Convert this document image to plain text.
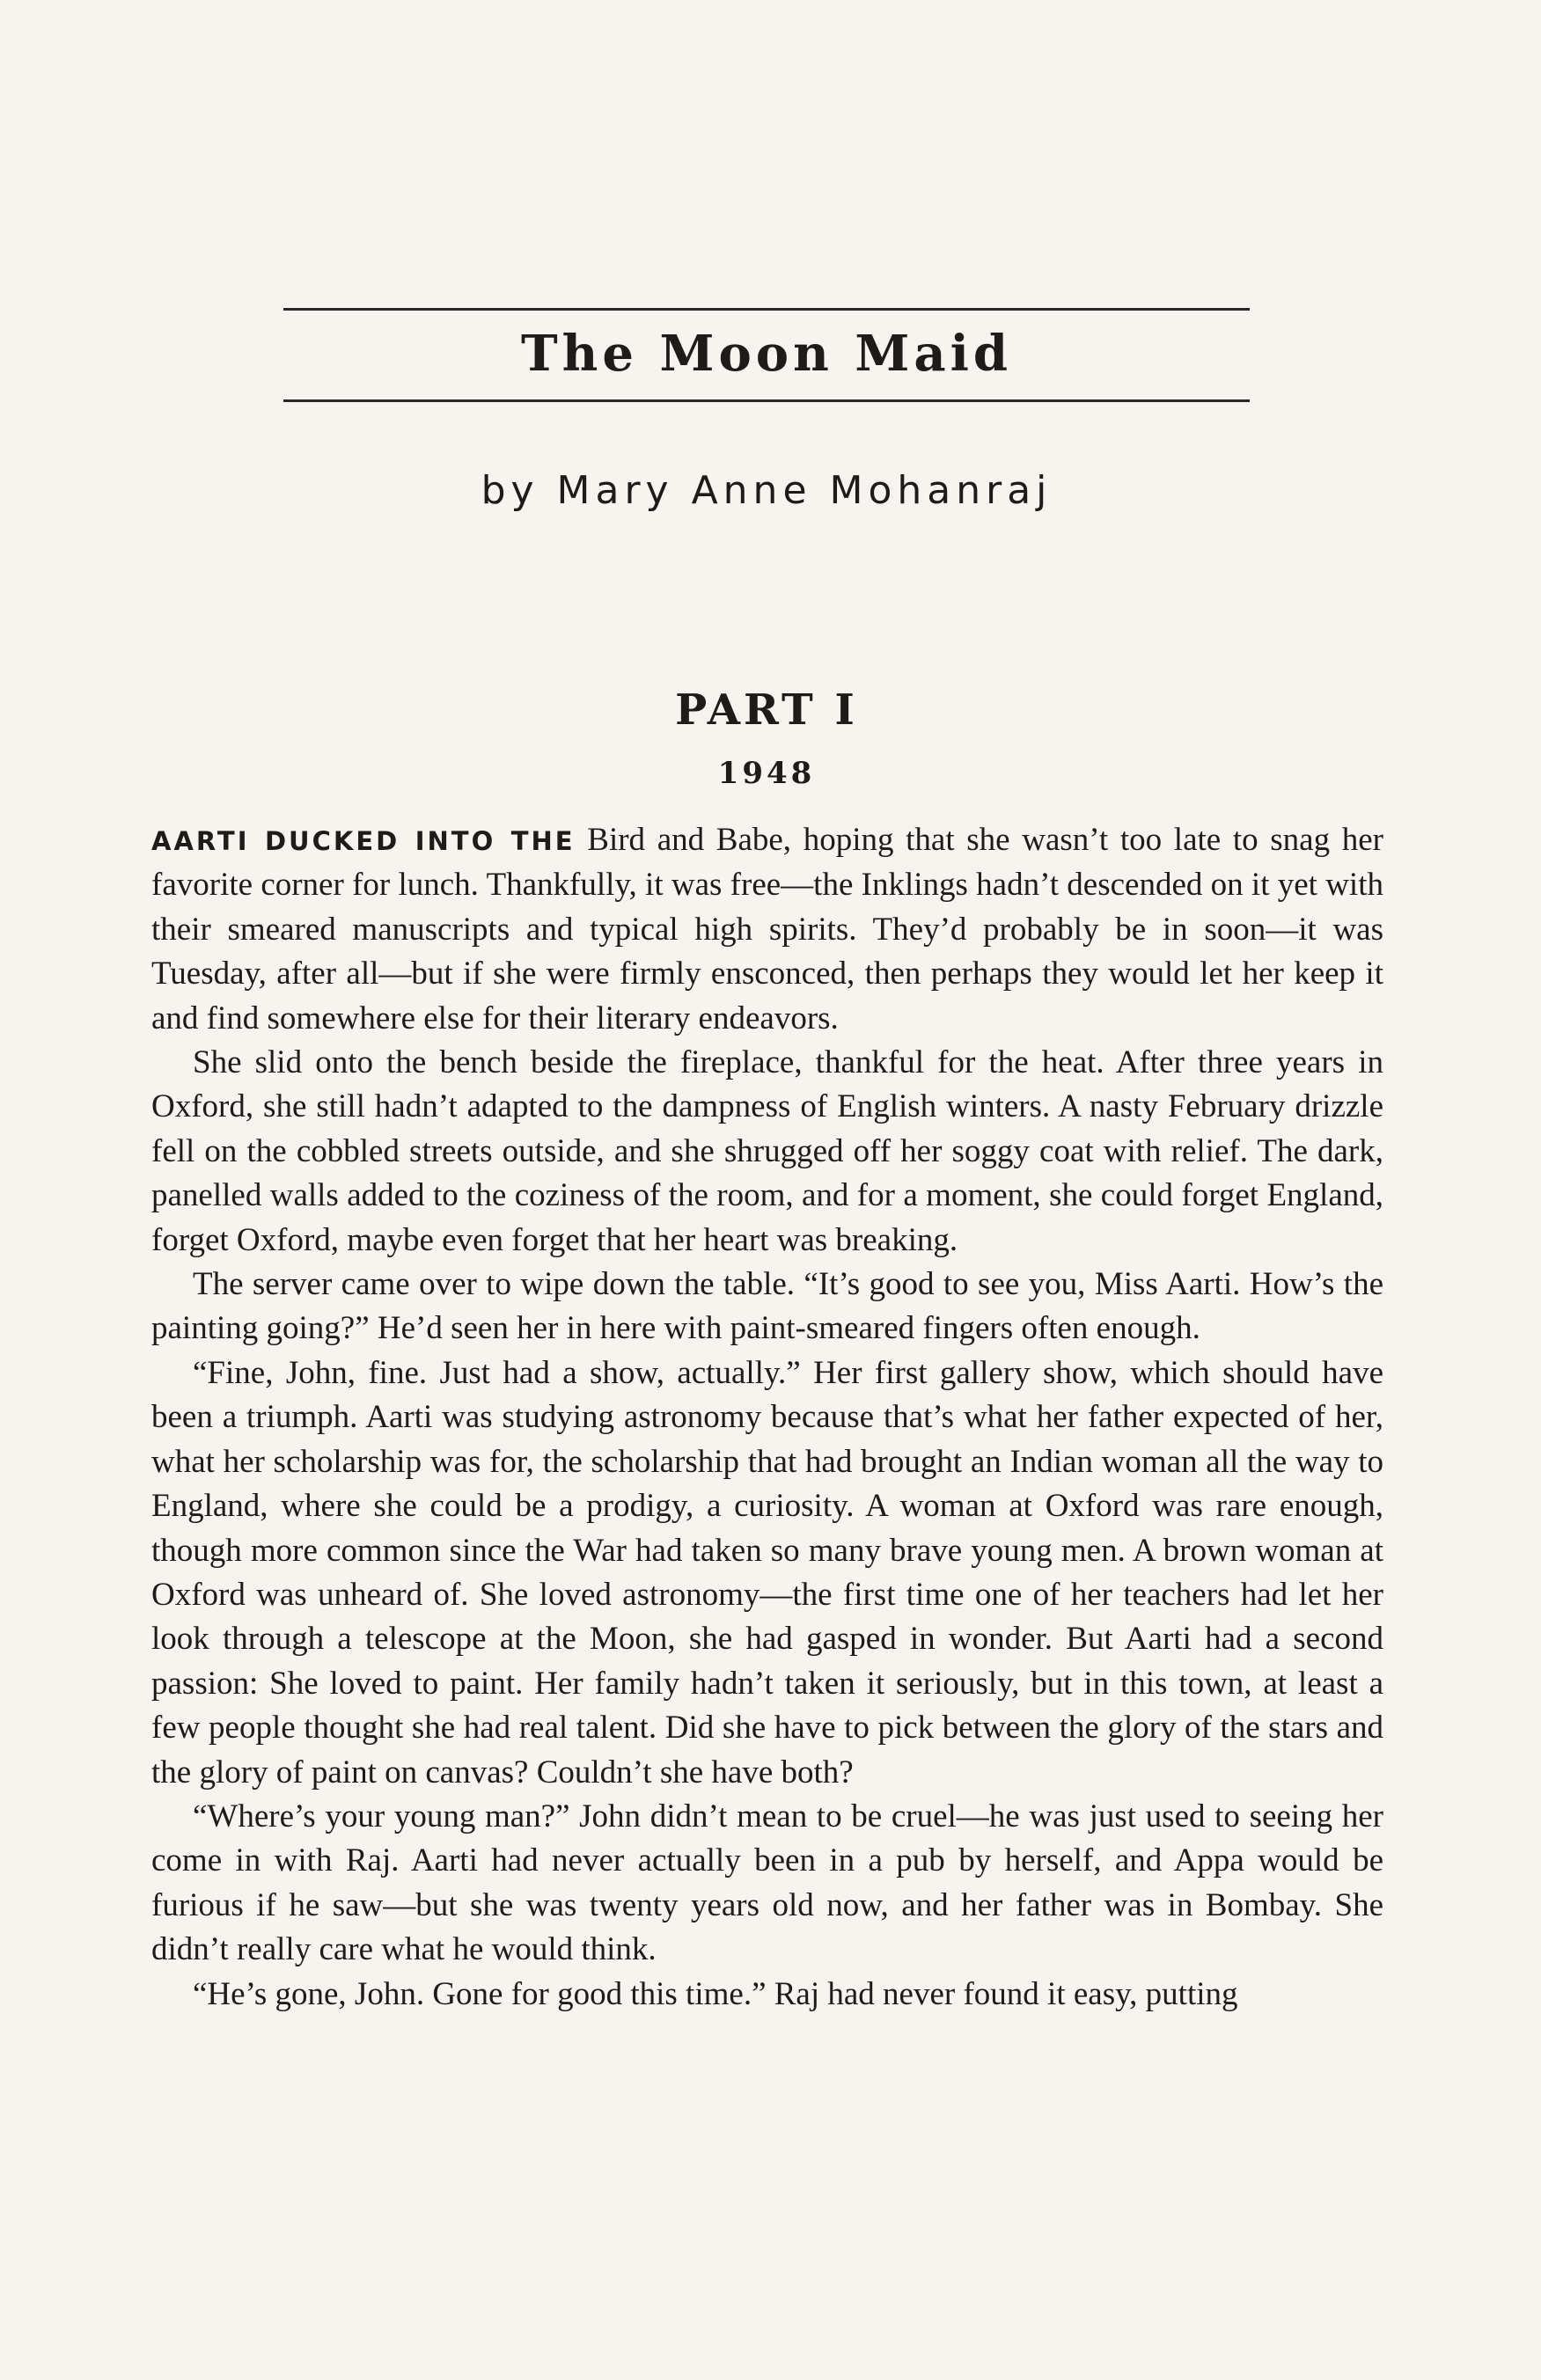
The Moon Maid

by Mary Anne Mohanraj

PART I
1948

AARTI DUCKED INTO THE Bird and Babe, hoping that she wasn’t too late to snag her favorite corner for lunch. Thankfully, it was free—the Inklings hadn’t descended on it yet with their smeared manuscripts and typical high spirits. They’d probably be in soon—it was Tuesday, after all—but if she were firmly ensconced, then perhaps they would let her keep it and find somewhere else for their literary endeavors.

She slid onto the bench beside the fireplace, thankful for the heat. After three years in Oxford, she still hadn’t adapted to the dampness of English winters. A nasty February drizzle fell on the cobbled streets outside, and she shrugged off her soggy coat with relief. The dark, panelled walls added to the coziness of the room, and for a moment, she could forget England, forget Oxford, maybe even forget that her heart was breaking.

The server came over to wipe down the table. “It’s good to see you, Miss Aarti. How’s the painting going?” He’d seen her in here with paint-smeared fingers often enough.

“Fine, John, fine. Just had a show, actually.” Her first gallery show, which should have been a triumph. Aarti was studying astronomy because that’s what her father expected of her, what her scholarship was for, the scholarship that had brought an Indian woman all the way to England, where she could be a prodigy, a curiosity. A woman at Oxford was rare enough, though more common since the War had taken so many brave young men. A brown woman at Oxford was unheard of. She loved astronomy—the first time one of her teachers had let her look through a telescope at the Moon, she had gasped in wonder. But Aarti had a second passion: She loved to paint. Her family hadn’t taken it seriously, but in this town, at least a few people thought she had real talent. Did she have to pick between the glory of the stars and the glory of paint on canvas? Couldn’t she have both?

“Where’s your young man?” John didn’t mean to be cruel—he was just used to seeing her come in with Raj. Aarti had never actually been in a pub by herself, and Appa would be furious if he saw—but she was twenty years old now, and her father was in Bombay. She didn’t really care what he would think.

“He’s gone, John. Gone for good this time.” Raj had never found it easy, putting
